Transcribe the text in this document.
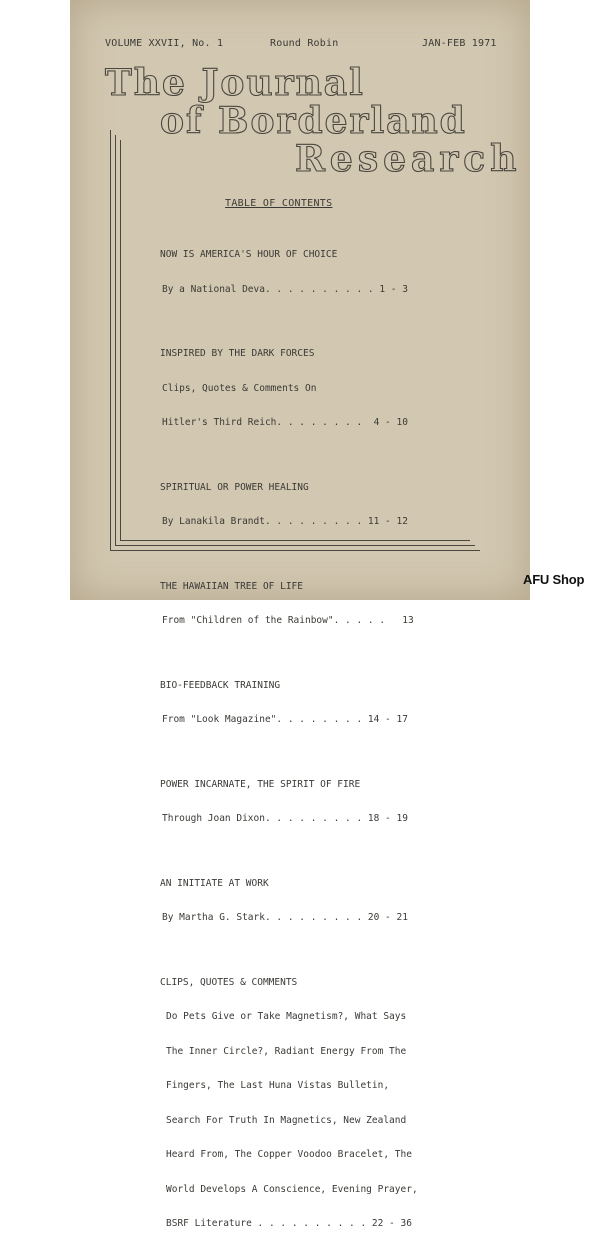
VOLUME XXVII, No. 1	Round Robin	JAN-FEB 1971
The Journal
of Borderland
Research
TABLE OF CONTENTS

NOW IS AMERICA'S HOUR OF CHOICE

By a National Deva. . . . . . . . . . 1 - 3

INSPIRED BY THE DARK FORCES

Clips, Quotes & Comments On

Hitler's Third Reich. . . . . . . .  4 - 10

SPIRITUAL OR POWER HEALING

By Lanakila Brandt. . . . . . . . . 11 - 12

THE HAWAIIAN TREE OF LIFE

From "Children of the Rainbow". . . . .   13

BIO-FEEDBACK TRAINING

From "Look Magazine". . . . . . . . 14 - 17

POWER INCARNATE, THE SPIRIT OF FIRE

Through Joan Dixon. . . . . . . . . 18 - 19

AN INITIATE AT WORK

By Martha G. Stark. . . . . . . . . 20 - 21

CLIPS, QUOTES & COMMENTS

Do Pets Give or Take Magnetism?, What Says

The Inner Circle?, Radiant Energy From The

Fingers, The Last Huna Vistas Bulletin,

Search For Truth In Magnetics, New Zealand

Heard From, The Copper Voodoo Bracelet, The

World Develops A Conscience, Evening Prayer,

BSRF Literature . . . . . . . . . . 22 - 36

AFU Shop
